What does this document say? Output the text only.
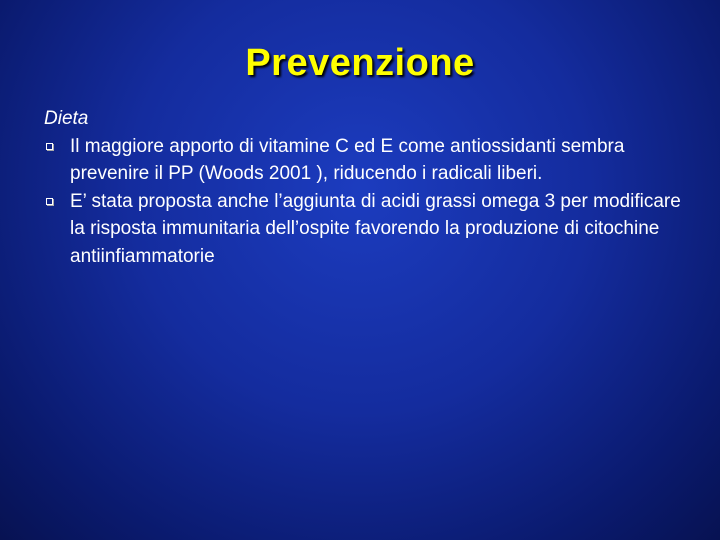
Prevenzione

Dieta

Il maggiore apporto di vitamine C ed E come antiossidanti sembra prevenire il PP (Woods 2001 ), riducendo i radicali liberi.

E’ stata proposta anche l’aggiunta di acidi grassi omega 3 per modificare la risposta immunitaria dell’ospite favorendo la produzione di citochine antiinfiammatorie
